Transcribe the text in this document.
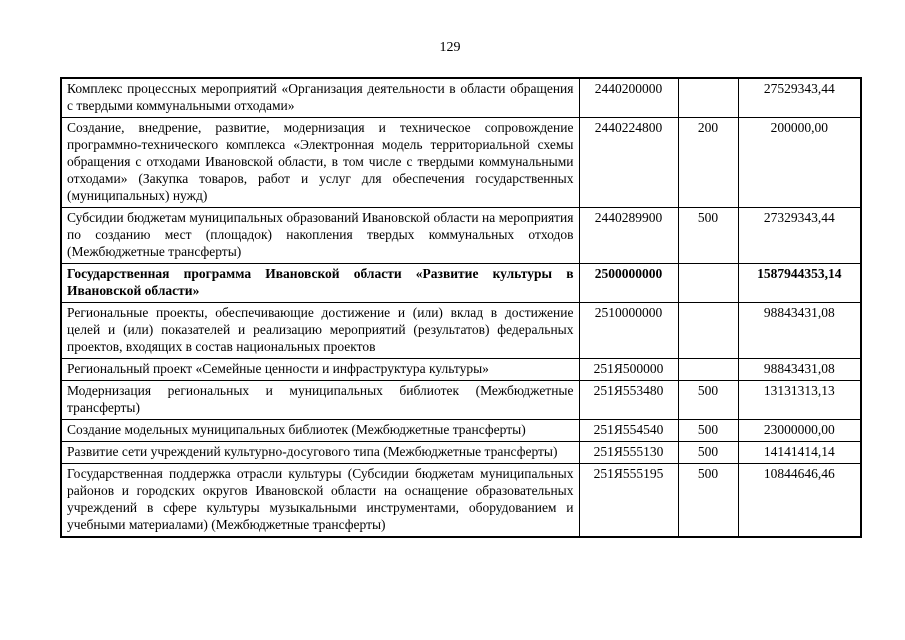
129
Комплекс процессных мероприятий «Организация деятельности в области обращения с твердыми коммунальными отходами»	2440200000		27529343,44
Создание, внедрение, развитие, модернизация и техническое сопровождение программно-технического комплекса «Электронная модель территориальной схемы обращения с отходами Ивановской области, в том числе с твердыми коммунальными отходами» (Закупка товаров, работ и услуг для обеспечения государственных (муниципальных) нужд)	2440224800	200	200000,00
Субсидии бюджетам муниципальных образований Ивановской области на мероприятия по созданию мест (площадок) накопления твердых коммунальных отходов (Межбюджетные трансферты)	2440289900	500	27329343,44
Государственная программа Ивановской области «Развитие культуры в Ивановской области»	2500000000		1587944353,14
Региональные проекты, обеспечивающие достижение и (или) вклад в достижение целей и (или) показателей и реализацию мероприятий (результатов) федеральных проектов, входящих в состав национальных проектов	2510000000		98843431,08
Региональный проект «Семейные ценности и инфраструктура культуры»	251Я500000		98843431,08
Модернизация региональных и муниципальных библиотек (Межбюджетные трансферты)	251Я553480	500	13131313,13
Создание модельных муниципальных библиотек (Межбюджетные трансферты)	251Я554540	500	23000000,00
Развитие сети учреждений культурно-досугового типа (Межбюджетные трансферты)	251Я555130	500	14141414,14
Государственная поддержка отрасли культуры (Субсидии бюджетам муниципальных районов и городских округов Ивановской области на оснащение образовательных учреждений в сфере культуры музыкальными инструментами, оборудованием и учебными материалами) (Межбюджетные трансферты)	251Я555195	500	10844646,46
